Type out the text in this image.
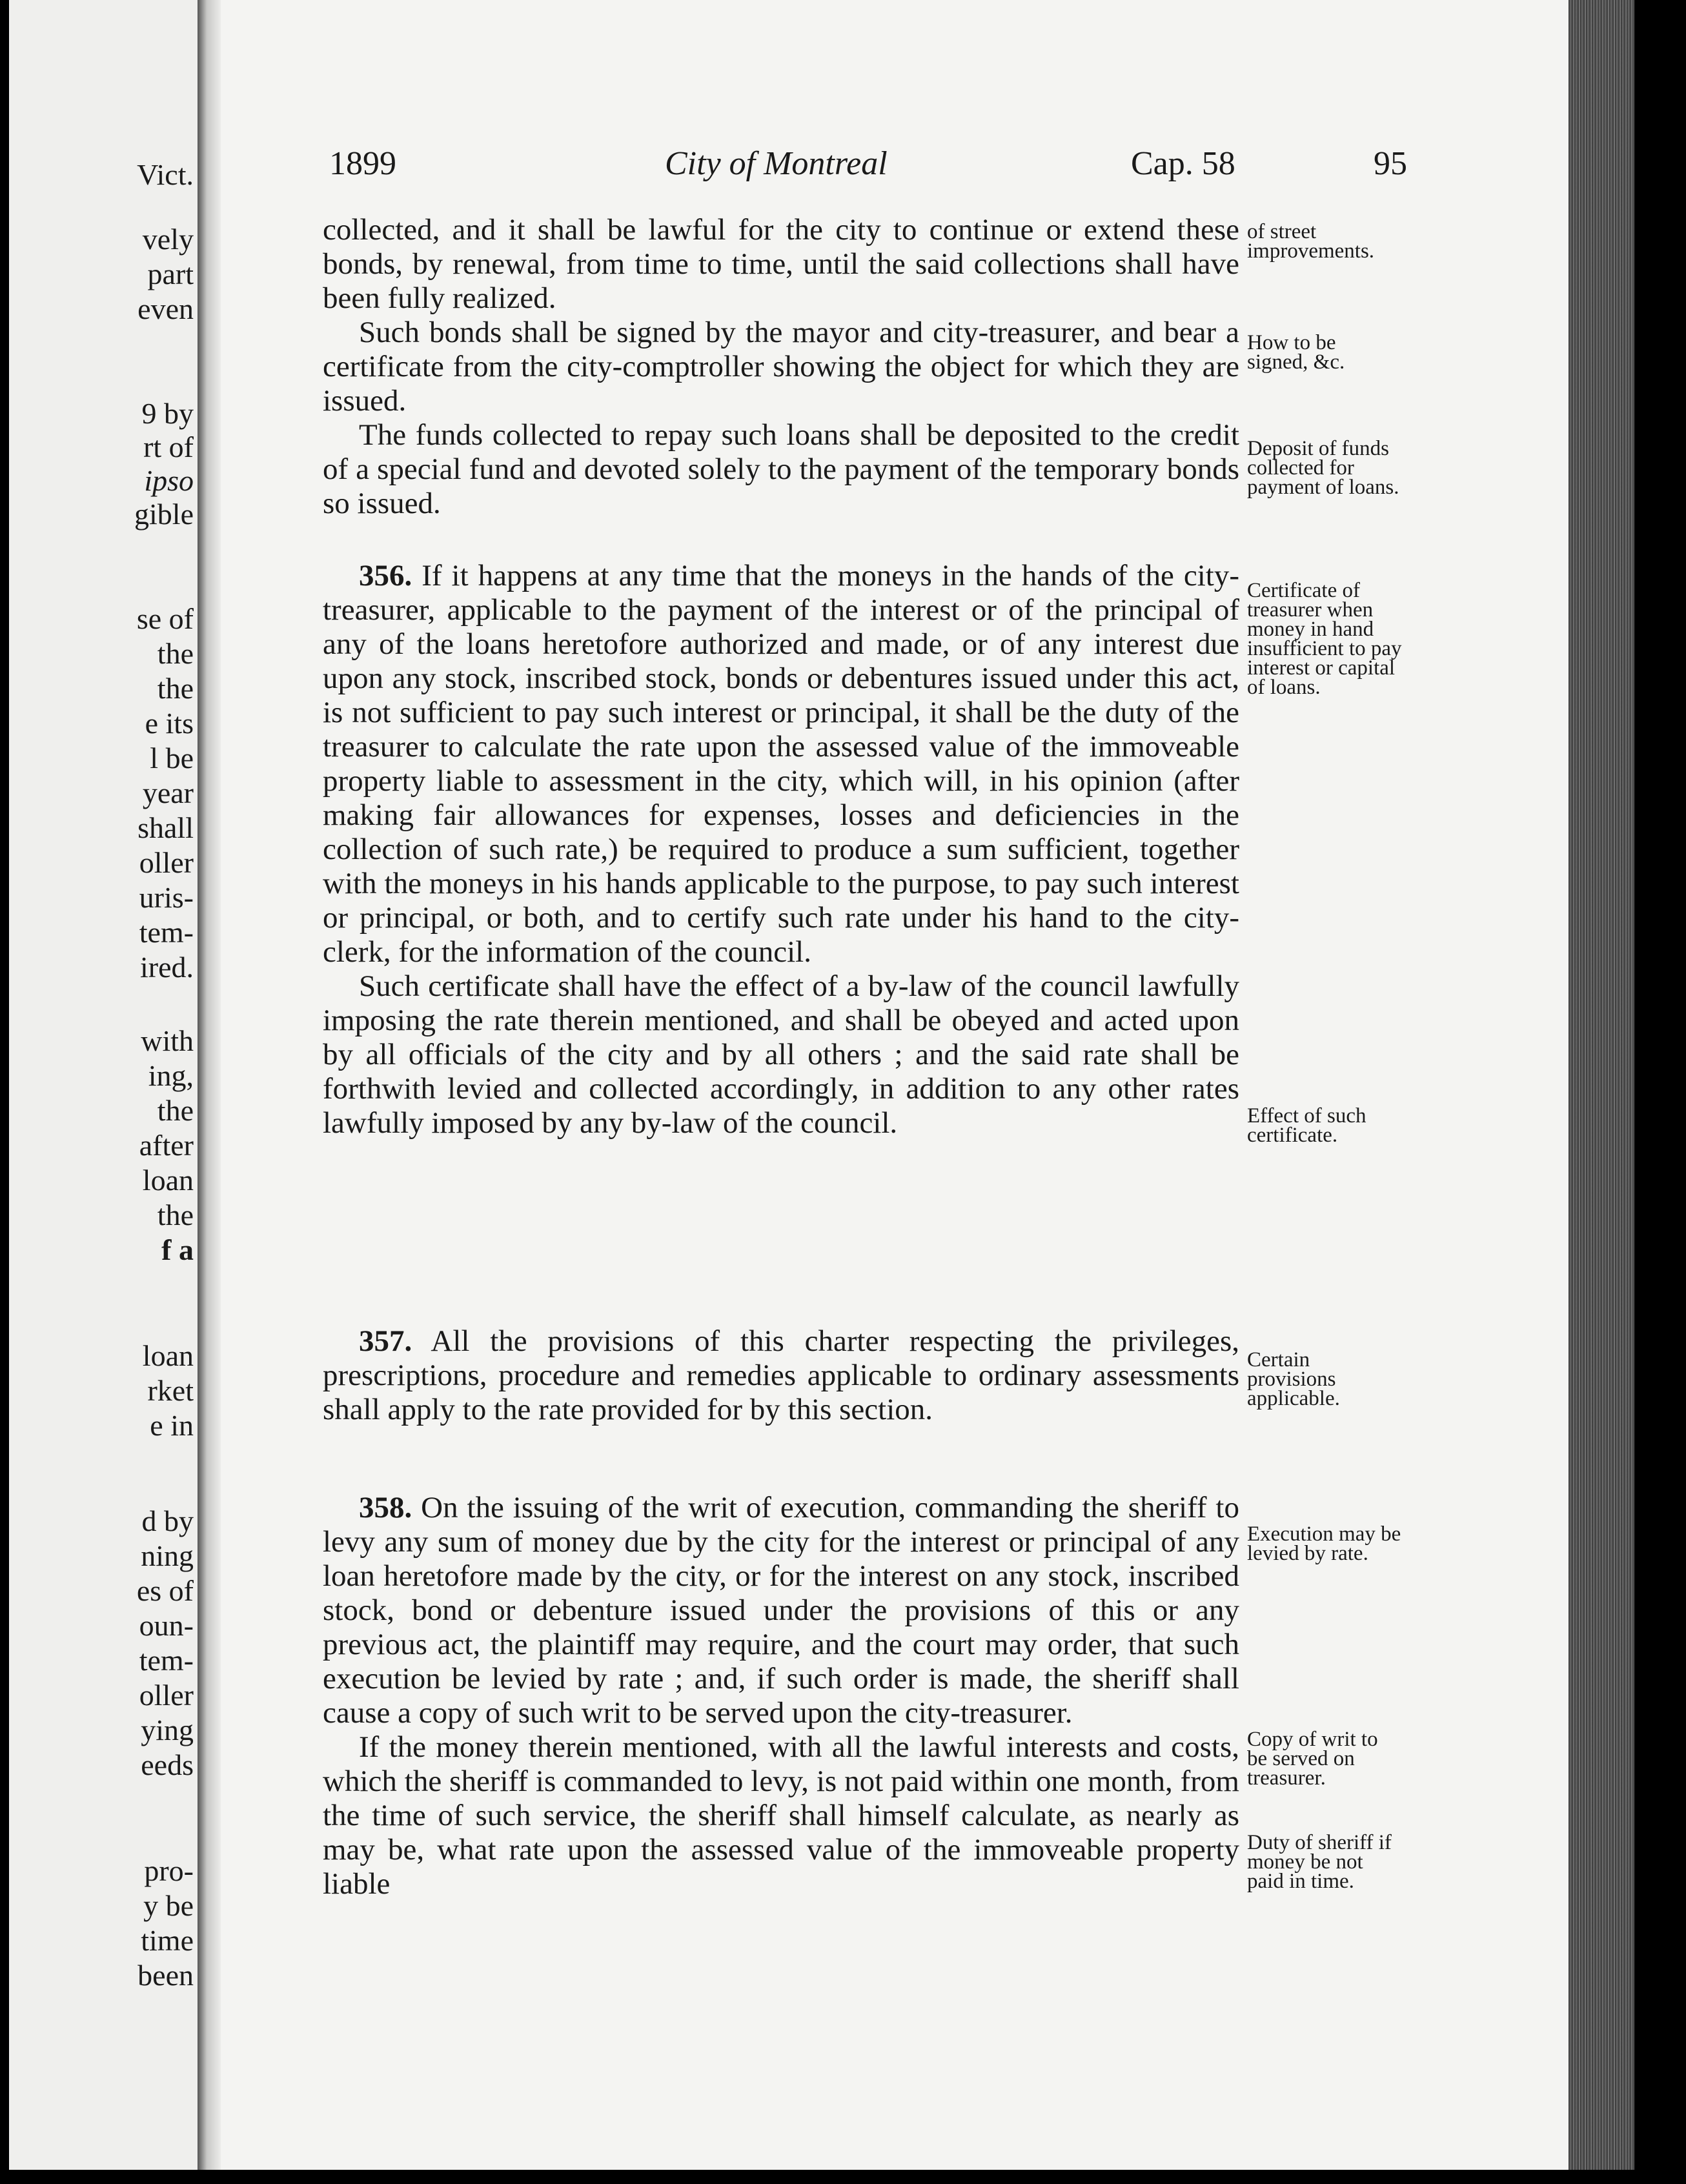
Vict.
vely
part
even
9 by
rt of
ipso
gible
se of
the
the
e its
l be
year
shall
oller
uris-
tem-
ired.
with
ing,
the
after
loan
the
f a
loan
rket
e in
d by
ning
es of
oun-
tem-
oller
ying
eeds
pro-
y be
time
been
1899	City of Montreal	Cap. 58	95

collected, and it shall be lawful for the city to continue or extend these bonds, by renewal, from time to time, until the said collections shall have been fully realized.

Such bonds shall be signed by the mayor and city-treasurer, and bear a certificate from the city-comptroller showing the object for which they are issued.

The funds collected to repay such loans shall be deposited to the credit of a special fund and devoted solely to the payment of the temporary bonds so issued.

356. If it happens at any time that the moneys in the hands of the city-treasurer, applicable to the payment of the interest or of the principal of any of the loans heretofore authorized and made, or of any interest due upon any stock, inscribed stock, bonds or debentures issued under this act, is not sufficient to pay such interest or principal, it shall be the duty of the treasurer to calculate the rate upon the assessed value of the immoveable property liable to assessment in the city, which will, in his opinion (after making fair allowances for expenses, losses and deficiencies in the collection of such rate,) be required to produce a sum sufficient, together with the moneys in his hands applicable to the purpose, to pay such interest or principal, or both, and to certify such rate under his hand to the city-clerk, for the information of the council.

Such certificate shall have the effect of a by-law of the council lawfully imposing the rate therein mentioned, and shall be obeyed and acted upon by all officials of the city and by all others ; and the said rate shall be forthwith levied and collected accordingly, in addition to any other rates lawfully imposed by any by-law of the council.

357. All the provisions of this charter respecting the privileges, prescriptions, procedure and remedies applicable to ordinary assessments shall apply to the rate provided for by this section.

358. On the issuing of the writ of execution, commanding the sheriff to levy any sum of money due by the city for the interest or principal of any loan heretofore made by the city, or for the interest on any stock, inscribed stock, bond or debenture issued under the provisions of this or any previous act, the plaintiff may require, and the court may order, that such execution be levied by rate ; and, if such order is made, the sheriff shall cause a copy of such writ to be served upon the city-treasurer.

If the money therein mentioned, with all the lawful interests and costs, which the sheriff is commanded to levy, is not paid within one month, from the time of such service, the sheriff shall himself calculate, as nearly as may be, what rate upon the assessed value of the immoveable property liable

of street improvements.
How to be signed, &c.
Deposit of funds collected for payment of loans.
Certificate of treasurer when money in hand insufficient to pay interest or capital of loans.
Effect of such certificate.
Certain provisions applicable.
Execution may be levied by rate.
Copy of writ to be served on treasurer.
Duty of sheriff if money be not paid in time.
